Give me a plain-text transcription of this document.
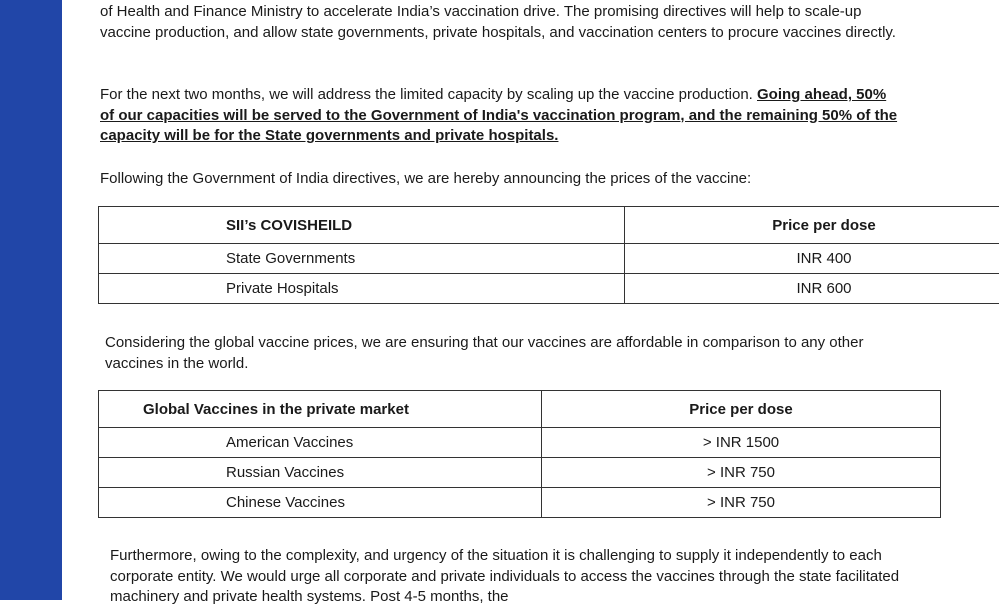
of Health and Finance Ministry to accelerate India’s vaccination drive. The promising directives will help to scale-up vaccine production, and allow state governments, private hospitals, and vaccination centers to procure vaccines directly.

For the next two months, we will address the limited capacity by scaling up the vaccine production. Going ahead, 50% of our capacities will be served to the Government of India's vaccination program, and the remaining 50% of the capacity will be for the State governments and private hospitals.

Following the Government of India directives, we are hereby announcing the prices of the vaccine:

SII’s COVISHEILD	Price per dose
State Governments	INR 400
Private Hospitals	INR 600

Considering the global vaccine prices, we are ensuring that our vaccines are affordable in comparison to any other vaccines in the world.

Global Vaccines in the private market	Price per dose
American Vaccines	> INR 1500
Russian Vaccines	> INR 750
Chinese Vaccines	> INR 750

Furthermore, owing to the complexity, and urgency of the situation it is challenging to supply it independently to each corporate entity. We would urge all corporate and private individuals to access the vaccines through the state facilitated machinery and private health systems. Post 4-5 months, the
